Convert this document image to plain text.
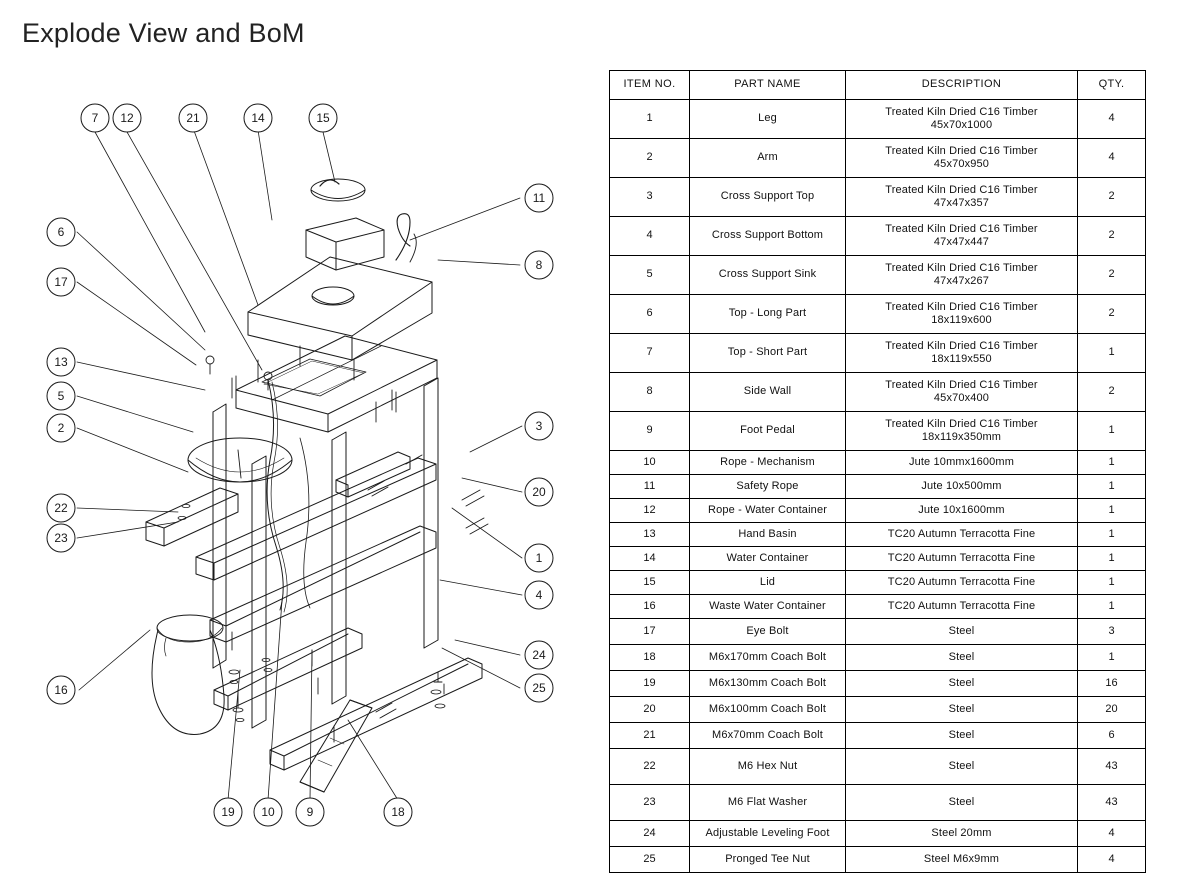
Explode View and BoM
7 12	21	14	15
11
8
6
17
13
5
2
22
23
16
3
20
1
4
24
25
19 10	9	18
ITEM NO.	PART NAME	DESCRIPTION	QTY.
1	Leg	Treated Kiln Dried C16 Timber
45x70x1000	4
2	Arm	Treated Kiln Dried C16 Timber
45x70x950	4
3	Cross Support Top	Treated Kiln Dried C16 Timber
47x47x357	2
4	Cross Support Bottom	Treated Kiln Dried C16 Timber
47x47x447	2
5	Cross Support Sink	Treated Kiln Dried C16 Timber
47x47x267	2
6	Top - Long Part	Treated Kiln Dried C16 Timber
18x119x600	2
7	Top - Short Part	Treated Kiln Dried C16 Timber
18x119x550	1
8	Side Wall	Treated Kiln Dried C16 Timber
45x70x400	2
9	Foot Pedal	Treated Kiln Dried C16 Timber
18x119x350mm	1
10	Rope - Mechanism	Jute 10mmx1600mm	1
11	Safety Rope	Jute 10x500mm	1
12	Rope - Water Container	Jute 10x1600mm	1
13	Hand Basin	TC20 Autumn Terracotta Fine	1
14	Water Container	TC20 Autumn Terracotta Fine	1
15	Lid	TC20 Autumn Terracotta Fine	1
16	Waste Water Container	TC20 Autumn Terracotta Fine	1
17	Eye Bolt	Steel	3
18	M6x170mm Coach Bolt	Steel	1
19	M6x130mm Coach Bolt	Steel	16
20	M6x100mm Coach Bolt	Steel	20
21	M6x70mm Coach Bolt	Steel	6
22	M6 Hex Nut	Steel	43
23	M6 Flat Washer	Steel	43
24	Adjustable Leveling Foot	Steel 20mm	4
25	Pronged Tee Nut	Steel M6x9mm	4
